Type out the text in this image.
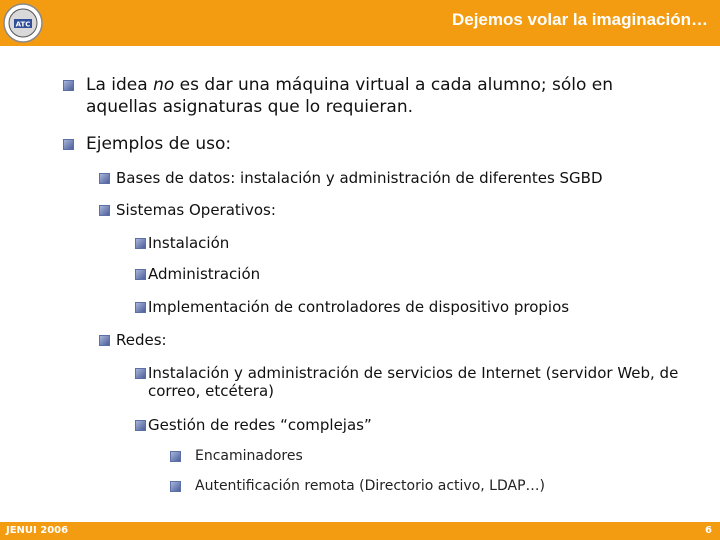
ATC	Dejemos volar la imaginación…
La idea no es dar una máquina virtual a cada alumno; sólo en aquellas asignaturas que lo requieran.
Ejemplos de uso:
Bases de datos: instalación y administración de diferentes SGBD
Sistemas Operativos:
Instalación
Administración
Implementación de controladores de dispositivo propios
Redes:
Instalación y administración de servicios de Internet (servidor Web, de correo, etcétera)
Gestión de redes “complejas”
Encaminadores
Autentificación remota (Directorio activo, LDAP…)
JENUI 2006	6
